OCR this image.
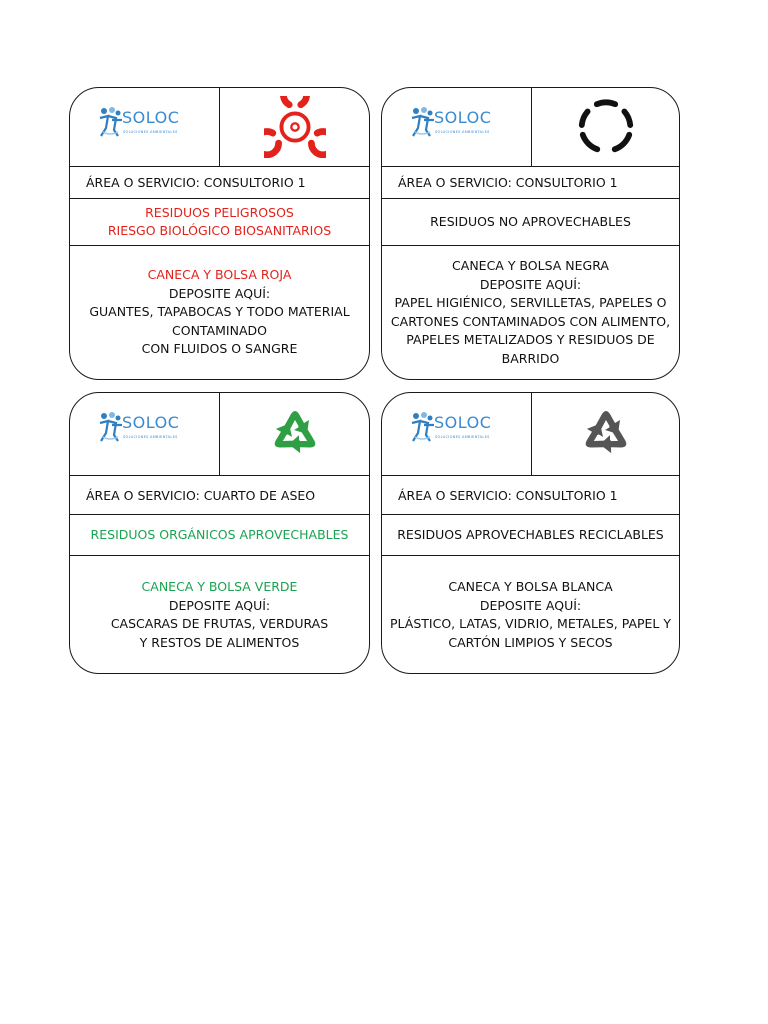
SOLOC
SOLUCIONES AMBIENTALES
ÁREA O SERVICIO: CONSULTORIO 1
RESIDUOS PELIGROSOS
RIESGO BIOLÓGICO BIOSANITARIOS
CANECA Y BOLSA ROJA
DEPOSITE AQUÍ:
GUANTES, TAPABOCAS Y TODO MATERIAL
CONTAMINADO
CON FLUIDOS O SANGRE
SOLOC
SOLUCIONES AMBIENTALES
ÁREA O SERVICIO: CONSULTORIO 1
RESIDUOS NO APROVECHABLES
CANECA Y BOLSA NEGRA
DEPOSITE AQUÍ:
PAPEL HIGIÉNICO, SERVILLETAS, PAPELES O
CARTONES CONTAMINADOS CON ALIMENTO,
PAPELES METALIZADOS Y RESIDUOS DE
BARRIDO
SOLOC
SOLUCIONES AMBIENTALES
ÁREA O SERVICIO: CUARTO DE ASEO
RESIDUOS ORGÁNICOS APROVECHABLES
CANECA Y BOLSA VERDE
DEPOSITE AQUÍ:
CASCARAS DE FRUTAS, VERDURAS
Y RESTOS DE ALIMENTOS
SOLOC
SOLUCIONES AMBIENTALES
ÁREA O SERVICIO: CONSULTORIO 1
RESIDUOS APROVECHABLES RECICLABLES
CANECA Y BOLSA BLANCA
DEPOSITE AQUÍ:
PLÁSTICO, LATAS, VIDRIO, METALES, PAPEL Y
CARTÓN LIMPIOS Y SECOS
